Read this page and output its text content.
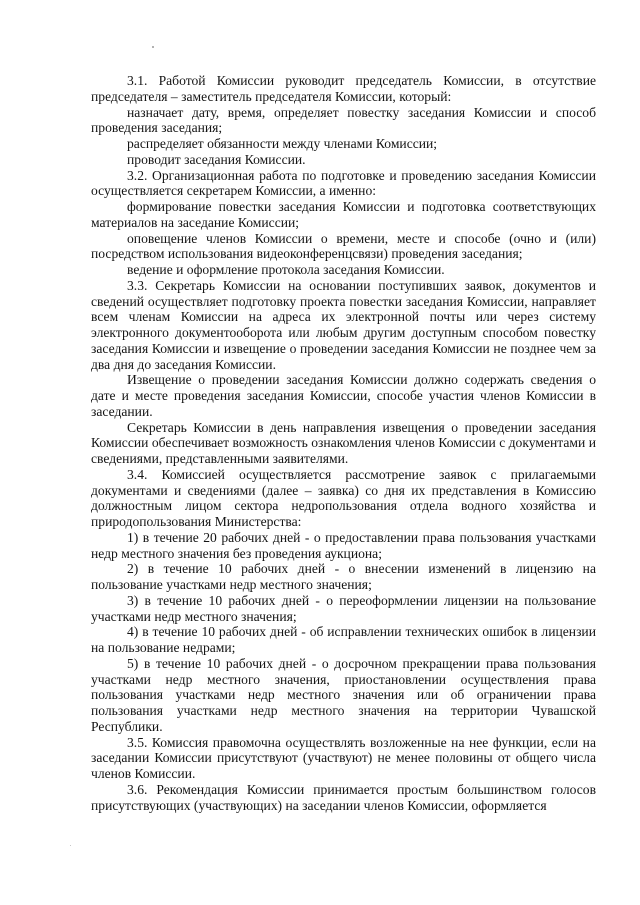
3.1. Работой Комиссии руководит председатель Комиссии, в отсутствие председателя – заместитель председателя Комиссии, который:

назначает дату, время, определяет повестку заседания Комиссии и способ проведения заседания;

распределяет обязанности между членами Комиссии;

проводит заседания Комиссии.

3.2. Организационная работа по подготовке и проведению заседания Комиссии осуществляется секретарем Комиссии, а именно:

формирование повестки заседания Комиссии и подготовка соответствующих материалов на заседание Комиссии;

оповещение членов Комиссии о времени, месте и способе (очно и (или) посредством использования видеоконференцсвязи) проведения заседания;

ведение и оформление протокола заседания Комиссии.

3.3. Секретарь Комиссии на основании поступивших заявок, документов и сведений осуществляет подготовку проекта повестки заседания Комиссии, направляет всем членам Комиссии на адреса их электронной почты или через систему электронного документооборота или любым другим доступным способом повестку заседания Комиссии и извещение о проведении заседания Комиссии не позднее чем за два дня до заседания Комиссии.

Извещение о проведении заседания Комиссии должно содержать сведения о дате и месте проведения заседания Комиссии, способе участия членов Комиссии в заседании.

Секретарь Комиссии в день направления извещения о проведении заседания Комиссии обеспечивает возможность ознакомления членов Комиссии с документами и сведениями, представленными заявителями.

3.4. Комиссией осуществляется рассмотрение заявок с прилагаемыми документами и сведениями (далее – заявка) со дня их представления в Комиссию должностным лицом сектора недропользования отдела водного хозяйства и природопользования Министерства:

1) в течение 20 рабочих дней - о предоставлении права пользования участками недр местного значения без проведения аукциона;

2) в течение 10 рабочих дней - о внесении изменений в лицензию на пользование участками недр местного значения;

3) в течение 10 рабочих дней - о переоформлении лицензии на пользование участками недр местного значения;

4) в течение 10 рабочих дней - об исправлении технических ошибок в лицензии на пользование недрами;

5) в течение 10 рабочих дней - о досрочном прекращении права пользования участками недр местного значения, приостановлении осуществления права пользования участками недр местного значения или об ограничении права пользования участками недр местного значения на территории Чувашской Республики.

3.5. Комиссия правомочна осуществлять возложенные на нее функции, если на заседании Комиссии присутствуют (участвуют) не менее половины от общего числа членов Комиссии.

3.6. Рекомендация Комиссии принимается простым большинством голосов присутствующих (участвующих) на заседании членов Комиссии, оформляется
